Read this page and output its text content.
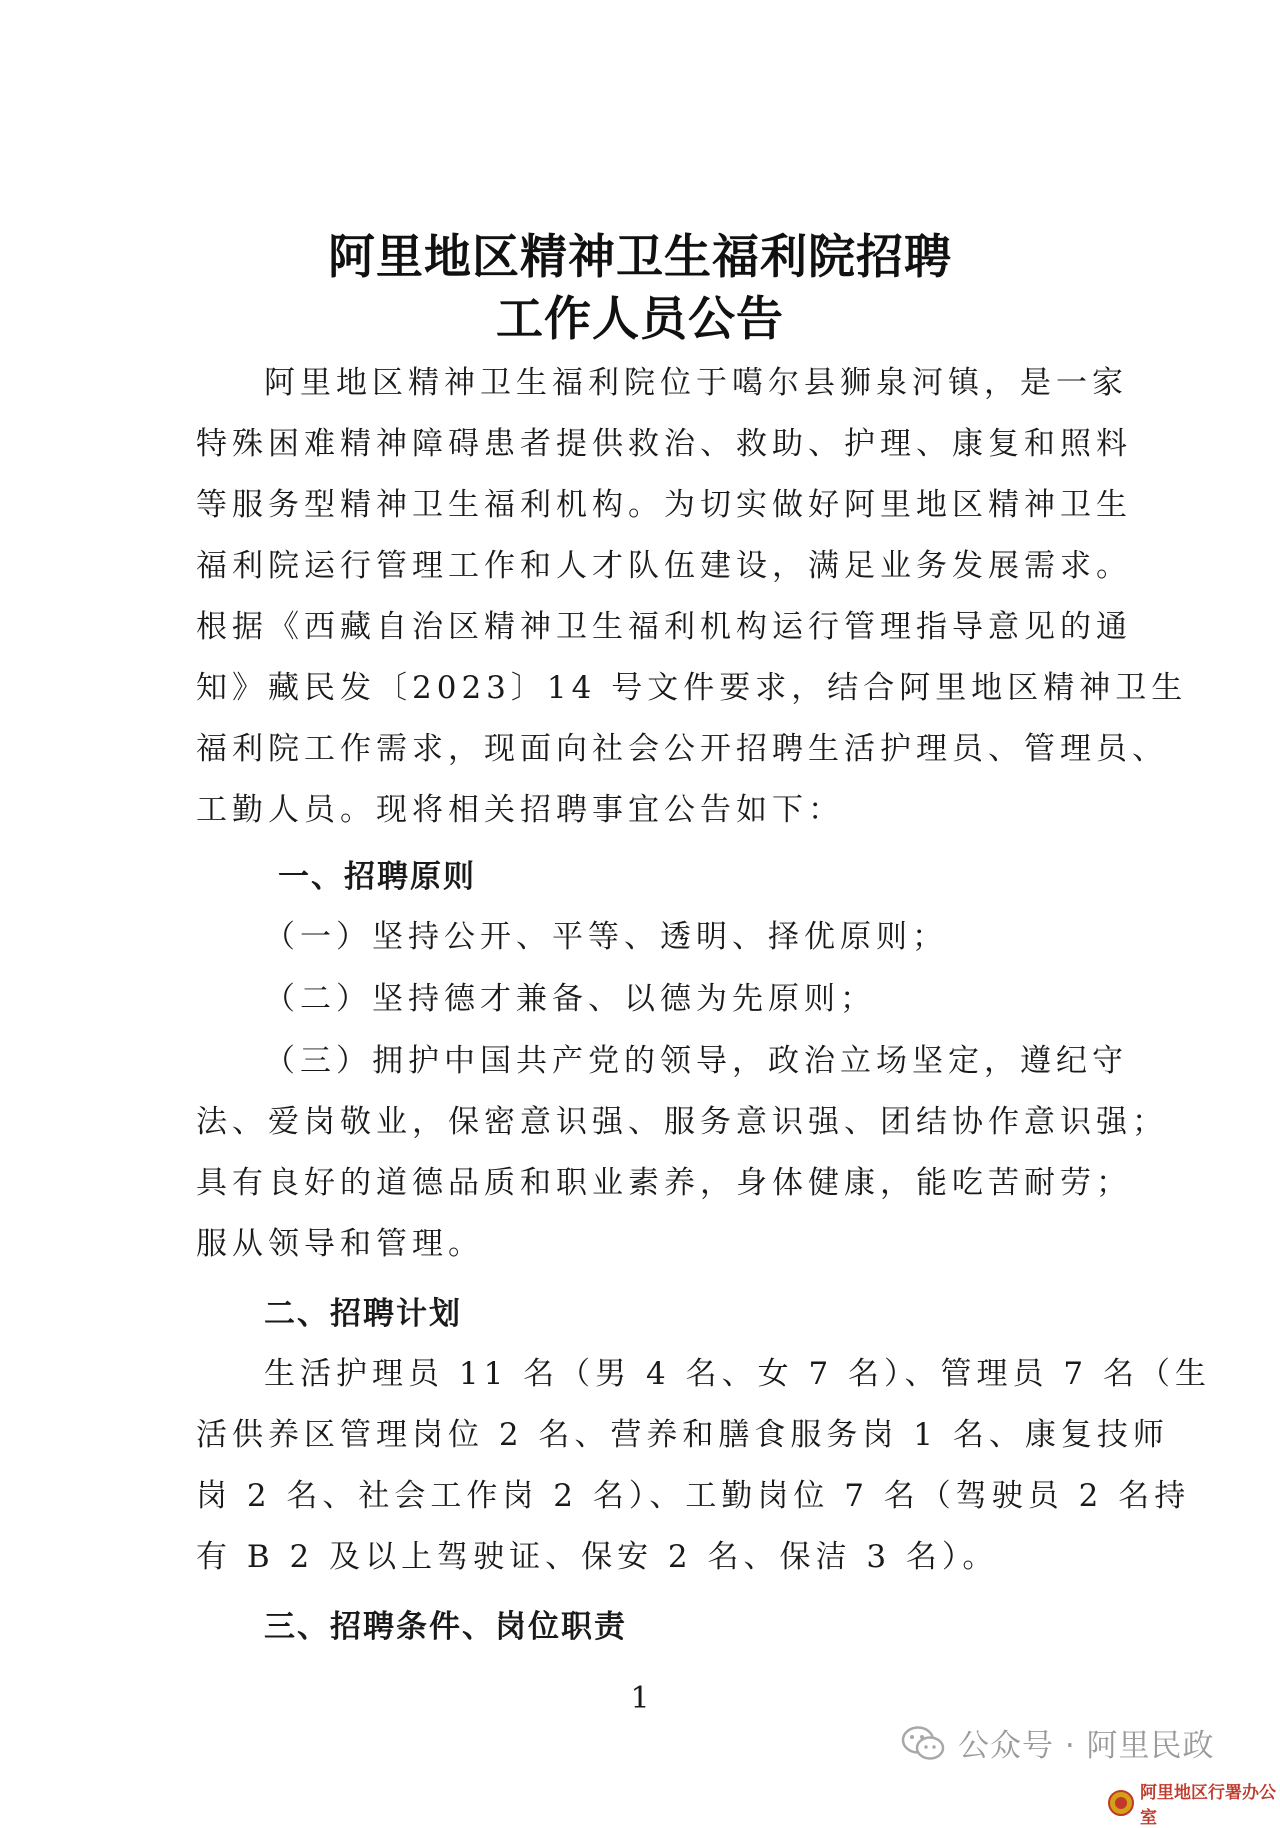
阿里地区精神卫生福利院招聘
工作人员公告

阿里地区精神卫生福利院位于噶尔县狮泉河镇，是一家

特殊困难精神障碍患者提供救治、救助、护理、康复和照料

等服务型精神卫生福利机构。为切实做好阿里地区精神卫生

福利院运行管理工作和人才队伍建设，满足业务发展需求。

根据《西藏自治区精神卫生福利机构运行管理指导意见的通

知》藏民发〔2023〕14 号文件要求，结合阿里地区精神卫生

福利院工作需求，现面向社会公开招聘生活护理员、管理员、

工勤人员。现将相关招聘事宜公告如下：

一、招聘原则

（一）坚持公开、平等、透明、择优原则；

（二）坚持德才兼备、以德为先原则；

（三）拥护中国共产党的领导，政治立场坚定，遵纪守

法、爱岗敬业，保密意识强、服务意识强、团结协作意识强；

具有良好的道德品质和职业素养，身体健康，能吃苦耐劳；

服从领导和管理。

二、招聘计划

生活护理员 11 名（男 4 名、女 7 名）、管理员 7 名（生

活供养区管理岗位 2 名、营养和膳食服务岗 1 名、康复技师

岗 2 名、社会工作岗 2 名）、工勤岗位 7 名（驾驶员 2 名持

有 B 2 及以上驾驶证、保安 2 名、保洁 3 名）。

三、招聘条件、岗位职责

1

公众号 · 阿里民政
阿里地区行署办公室
